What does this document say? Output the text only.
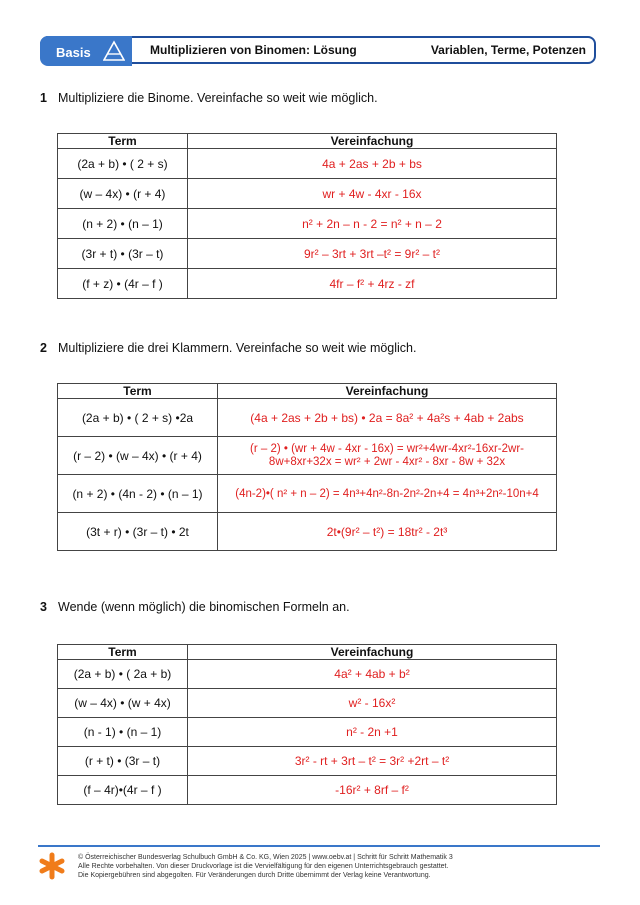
Basis	Multiplizieren von Binomen: Lösung	Variablen, Terme, Potenzen
1 Multipliziere die Binome. Vereinfache so weit wie möglich.
Term	Vereinfachung
(2a + b) • ( 2 + s)	4a + 2as + 2b + bs
(w – 4x) • (r + 4)	wr + 4w - 4xr - 16x
(n + 2) • (n – 1)	n² + 2n – n - 2 = n² + n – 2
(3r + t) • (3r – t)	9r² – 3rt + 3rt –t² = 9r² – t²
(f + z) • (4r – f )	4fr – f² + 4rz - zf
2 Multipliziere die drei Klammern. Vereinfache so weit wie möglich.
Term	Vereinfachung
(2a + b) • ( 2 + s) •2a	(4a + 2as + 2b + bs) • 2a = 8a² + 4a²s + 4ab + 2abs
(r – 2) • (w – 4x) • (r + 4)	(r – 2) • (wr + 4w - 4xr - 16x) = wr²+4wr-4xr²-16xr-2wr-8w+8xr+32x = wr² + 2wr - 4xr² - 8xr - 8w + 32x
(n + 2) • (4n - 2) • (n – 1)	(4n-2)•( n² + n – 2) = 4n³+4n²-8n-2n²-2n+4 = 4n³+2n²-10n+4
(3t + r) • (3r – t) • 2t	2t•(9r² – t²) = 18tr² - 2t³
3 Wende (wenn möglich) die binomischen Formeln an.
Term	Vereinfachung
(2a + b) • ( 2a + b)	4a² + 4ab + b²
(w – 4x) • (w + 4x)	w² - 16x²
(n - 1) • (n – 1)	n² - 2n +1
(r + t) • (3r – t)	3r² - rt + 3rt – t² = 3r² +2rt – t²
(f – 4r)•(4r – f )	-16r² + 8rf – f²
© Österreichischer Bundesverlag Schulbuch GmbH & Co. KG, Wien 2025 | www.oebv.at | Schritt für Schritt Mathematik 3
Alle Rechte vorbehalten. Von dieser Druckvorlage ist die Vervielfältigung für den eigenen Unterrichtsgebrauch gestattet.
Die Kopiergebühren sind abgegolten. Für Veränderungen durch Dritte übernimmt der Verlag keine Verantwortung.
